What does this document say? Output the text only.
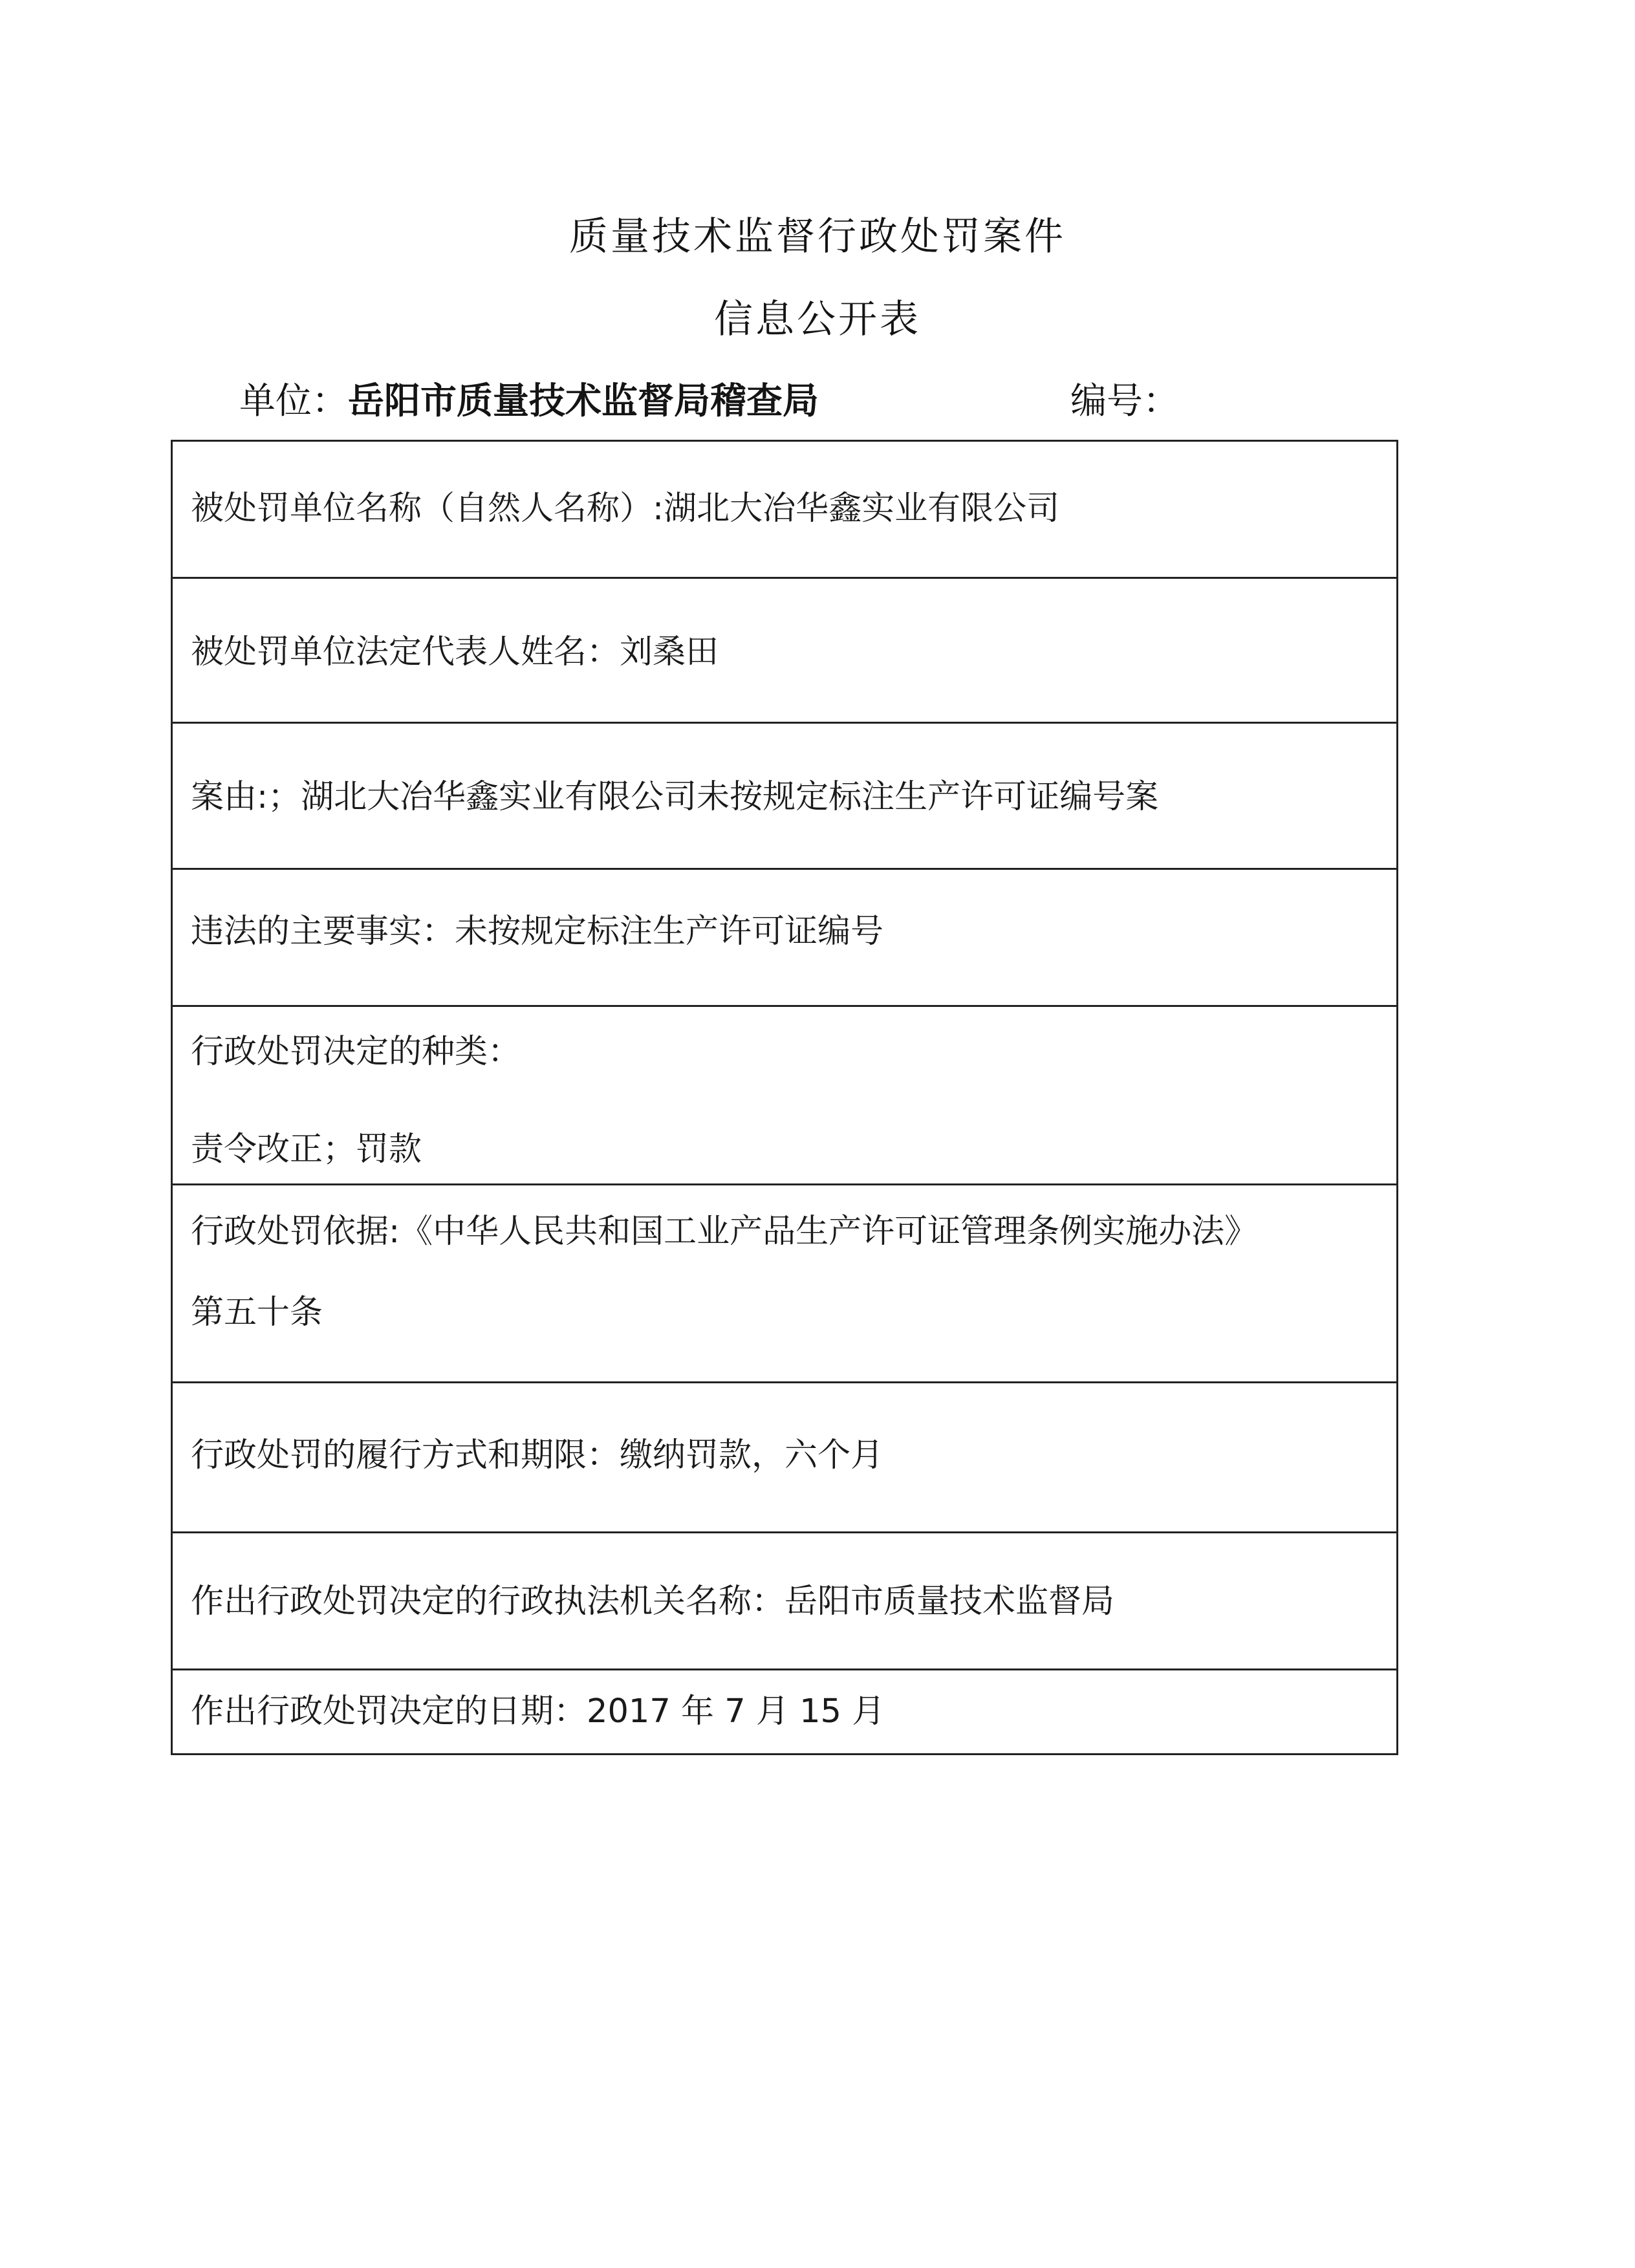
质量技术监督行政处罚案件
信息公开表
单位：岳阳市质量技术监督局稽查局	编号：
被处罚单位名称（自然人名称）:湖北大冶华鑫实业有限公司
被处罚单位法定代表人姓名：刘桑田
案由:；湖北大冶华鑫实业有限公司未按规定标注生产许可证编号案
违法的主要事实：未按规定标注生产许可证编号
行政处罚决定的种类：
责令改正；罚款
行政处罚依据:《中华人民共和国工业产品生产许可证管理条例实施办法》
第五十条
行政处罚的履行方式和期限：缴纳罚款，六个月
作出行政处罚决定的行政执法机关名称：岳阳市质量技术监督局
作出行政处罚决定的日期：2017 年 7 月 15 月
